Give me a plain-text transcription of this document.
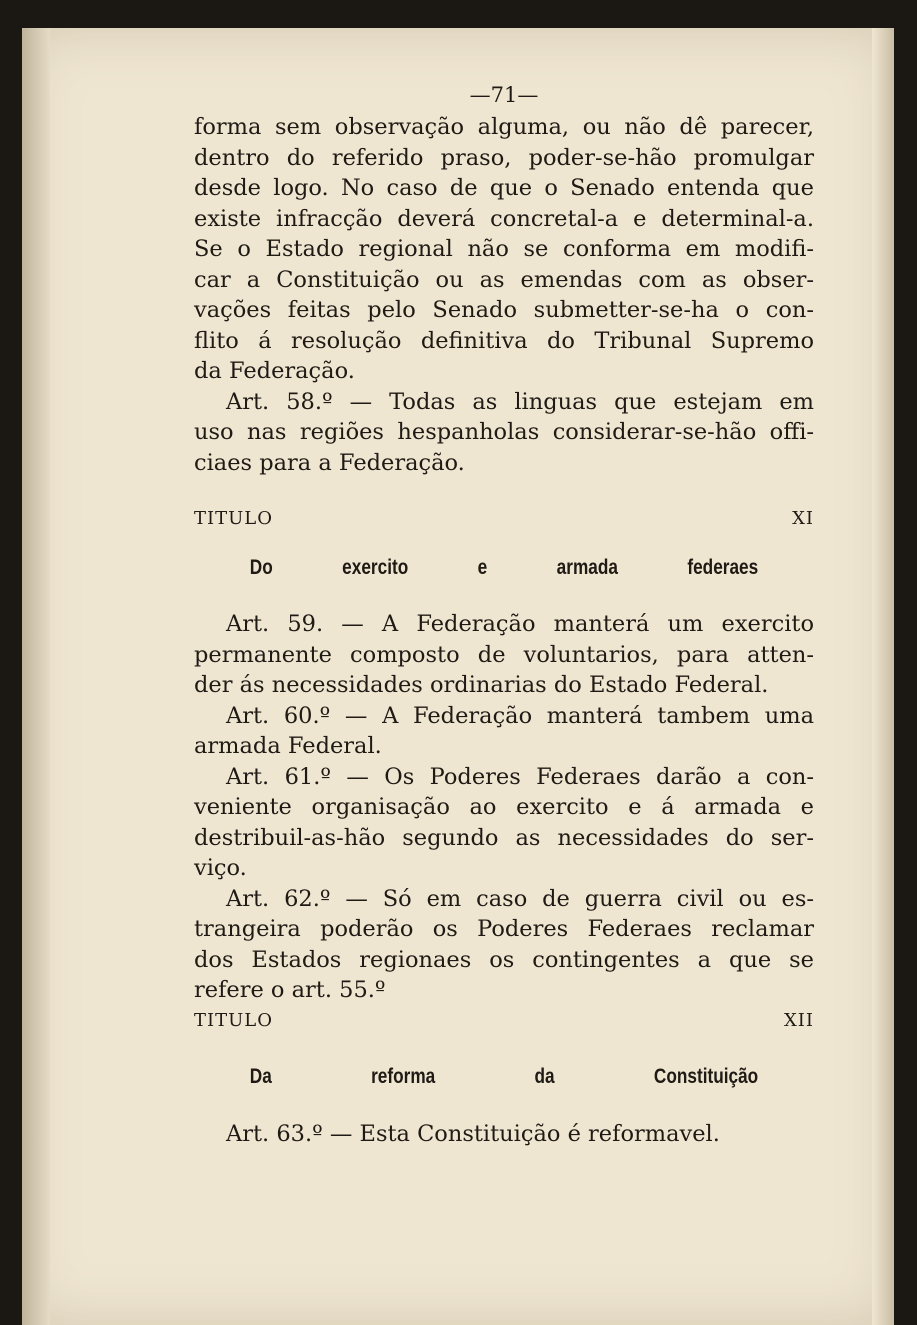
—71—
forma sem observação alguma, ou não dê parecer,
dentro do referido praso, poder-se-hão promulgar
desde logo. No caso de que o Senado entenda que
existe infracção deverá concretal-a e determinal-a.
Se o Estado regional não se conforma em modifi-
car a Constituição ou as emendas com as obser-
vações feitas pelo Senado submetter-se-ha o con-
flito á resolução definitiva do Tribunal Supremo
da Federação.
Art. 58.º — Todas as linguas que estejam em
uso nas regiões hespanholas considerar-se-hão offi-
ciaes para a Federação.
TITULO XI
Do exercito e armada federaes
Art. 59. — A Federação manterá um exercito
permanente composto de voluntarios, para atten-
der ás necessidades ordinarias do Estado Federal.
Art. 60.º — A Federação manterá tambem uma
armada Federal.
Art. 61.º — Os Poderes Federaes darão a con-
veniente organisação ao exercito e á armada e
destribuil-as-hão segundo as necessidades do ser-
viço.
Art. 62.º — Só em caso de guerra civil ou es-
trangeira poderão os Poderes Federaes reclamar
dos Estados regionaes os contingentes a que se
refere o art. 55.º
TITULO XII
Da reforma da Constituição
Art. 63.º — Esta Constituição é reformavel.
